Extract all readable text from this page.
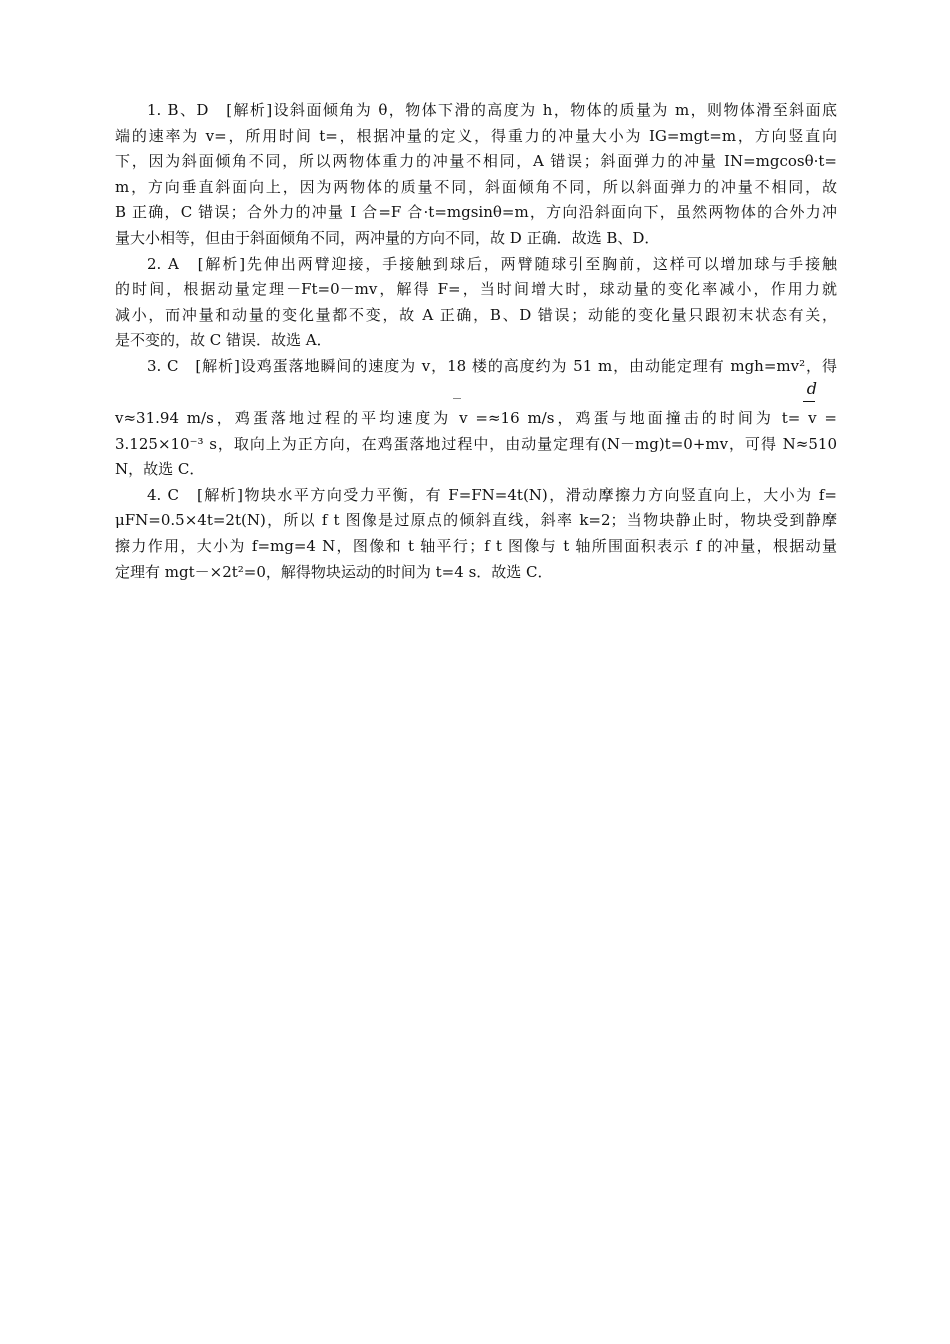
1. B、D　[解析]设斜面倾角为 θ，物体下滑的高度为 h，物体的质量为 m，则物体滑至斜面底
端的速率为 v=，所用时间 t=，根据冲量的定义，得重力的冲量大小为 IG=mgt=m，方向竖直向
下，因为斜面倾角不同，所以两物体重力的冲量不相同，A 错误；斜面弹力的冲量 IN=mgcosθ·t=
m，方向垂直斜面向上，因为两物体的质量不同，斜面倾角不同，所以斜面弹力的冲量不相同，故
B 正确，C 错误；合外力的冲量 I 合=F 合·t=mgsinθ=m，方向沿斜面向下，虽然两物体的合外力冲
量大小相等，但由于斜面倾角不同，两冲量的方向不同，故 D 正确．故选 B、D．

2. A　[解析]先伸出两臂迎接，手接触到球后，两臂随球引至胸前，这样可以增加球与手接触
的时间，根据动量定理－Ft=0－mv，解得 F=，当时间增大时，球动量的变化率减小，作用力就
减小，而冲量和动量的变化量都不变，故 A 正确，B、D 错误；动能的变化量只跟初末状态有关，
是不变的，故 C 错误．故选 A．

3. C　[解析]设鸡蛋落地瞬间的速度为 v，18 楼的高度约为 51 m，由动能定理有 mgh=mv²，得
d
v≈31.94 m/s，鸡蛋落地过程的平均速度为 v =≈16 m/s，鸡蛋与地面撞击的时间为 t= v =
3.125×10⁻³ s，取向上为正方向，在鸡蛋落地过程中，由动量定理有(N－mg)t=0+mv，可得 N≈510
N，故选 C．

4. C　[解析]物块水平方向受力平衡，有 F=FN=4t(N)，滑动摩擦力方向竖直向上，大小为 f=
μFN=0.5×4t=2t(N)，所以 f t 图像是过原点的倾斜直线，斜率 k=2；当物块静止时，物块受到静摩
擦力作用，大小为 f=mg=4 N，图像和 t 轴平行；f t 图像与 t 轴所围面积表示 f 的冲量，根据动量
定理有 mgt－×2t²=0，解得物块运动的时间为 t=4 s．故选 C．
